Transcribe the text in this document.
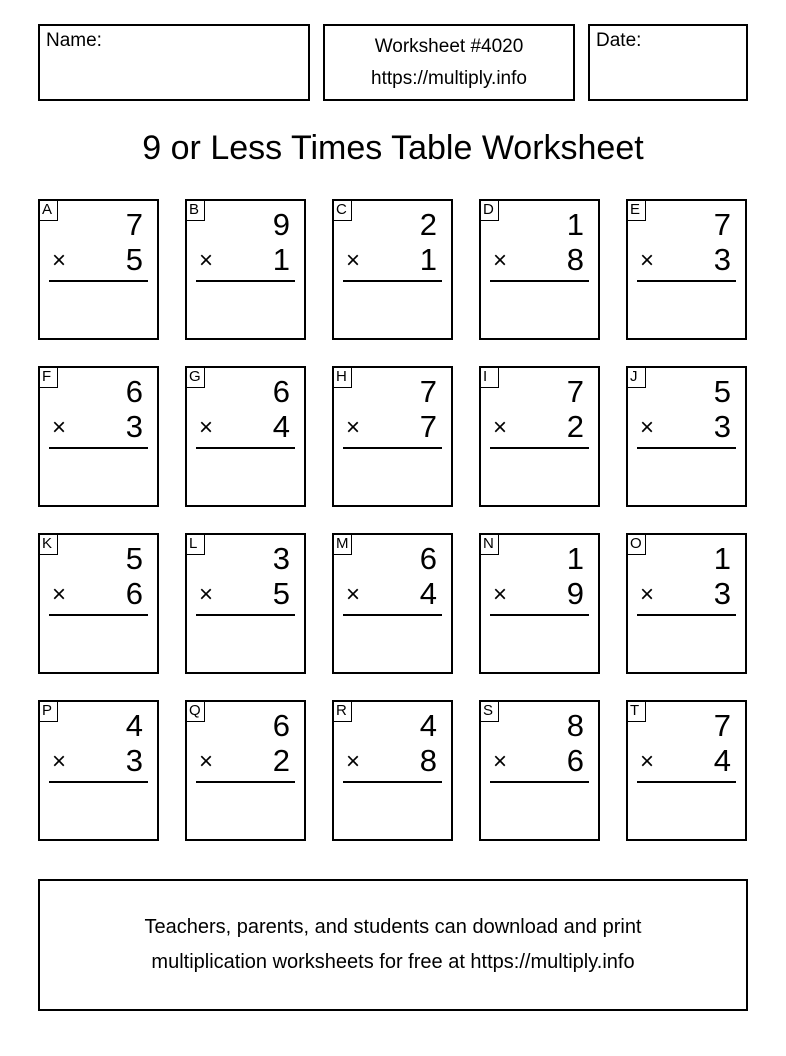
Name:	Worksheet #4020
https://multiply.info
Date:
9 or Less Times Table Worksheet
A 7
× 5
B 9
× 1
C 2
× 1
D 1
× 8
E 7
× 3
F 6
× 3
G 6
× 4
H 7
× 7
I	7
× 2
J 5
× 3
K 5
× 6
L 3
× 5
M 6
× 4
N 1
× 9
O 1
× 3
P 4
× 3
Q 6
× 2
R 4
× 8
S 8
× 6
T 7
× 4
Teachers, parents, and students can download and print
multiplication worksheets for free at https://multiply.info
